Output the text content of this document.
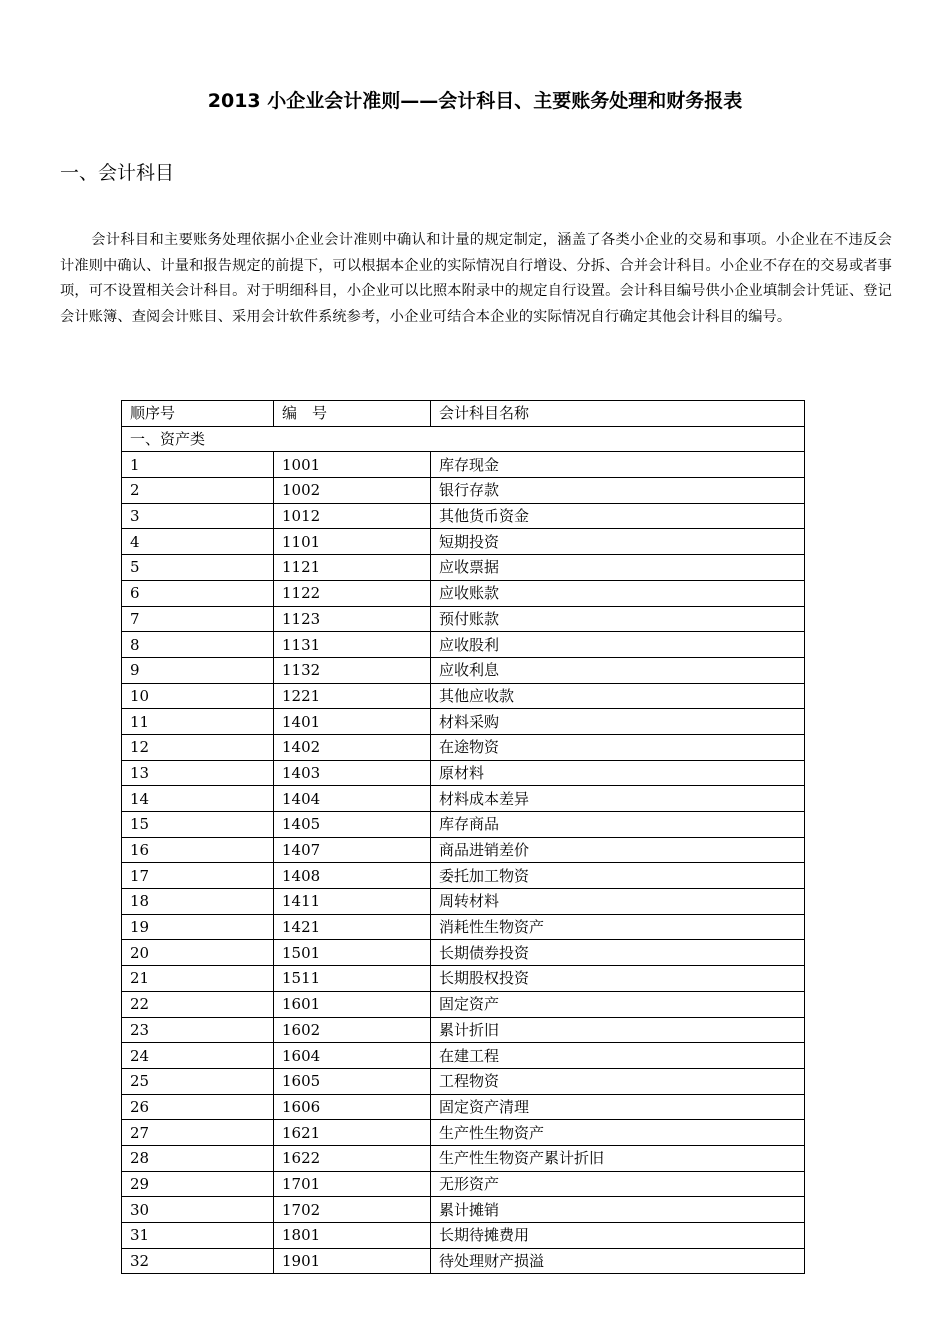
2013 小企业会计准则——会计科目、主要账务处理和财务报表
一、会计科目

会计科目和主要账务处理依据小企业会计准则中确认和计量的规定制定，涵盖了各类小企业的交易和事项。小企业在不违反会计准则中确认、计量和报告规定的前提下，可以根据本企业的实际情况自行增设、分拆、合并会计科目。小企业不存在的交易或者事项，可不设置相关会计科目。对于明细科目，小企业可以比照本附录中的规定自行设置。会计科目编号供小企业填制会计凭证、登记会计账簿、查阅会计账目、采用会计软件系统参考，小企业可结合本企业的实际情况自行确定其他会计科目的编号。

顺序号	编　号	会计科目名称
一、资产类		
1	1001	库存现金
2	1002	银行存款
3	1012	其他货币资金
4	1101	短期投资
5	1121	应收票据
6	1122	应收账款
7	1123	预付账款
8	1131	应收股利
9	1132	应收利息
10	1221	其他应收款
11	1401	材料采购
12	1402	在途物资
13	1403	原材料
14	1404	材料成本差异
15	1405	库存商品
16	1407	商品进销差价
17	1408	委托加工物资
18	1411	周转材料
19	1421	消耗性生物资产
20	1501	长期债券投资
21	1511	长期股权投资
22	1601	固定资产
23	1602	累计折旧
24	1604	在建工程
25	1605	工程物资
26	1606	固定资产清理
27	1621	生产性生物资产
28	1622	生产性生物资产累计折旧
29	1701	无形资产
30	1702	累计摊销
31	1801	长期待摊费用
32	1901	待处理财产损溢
